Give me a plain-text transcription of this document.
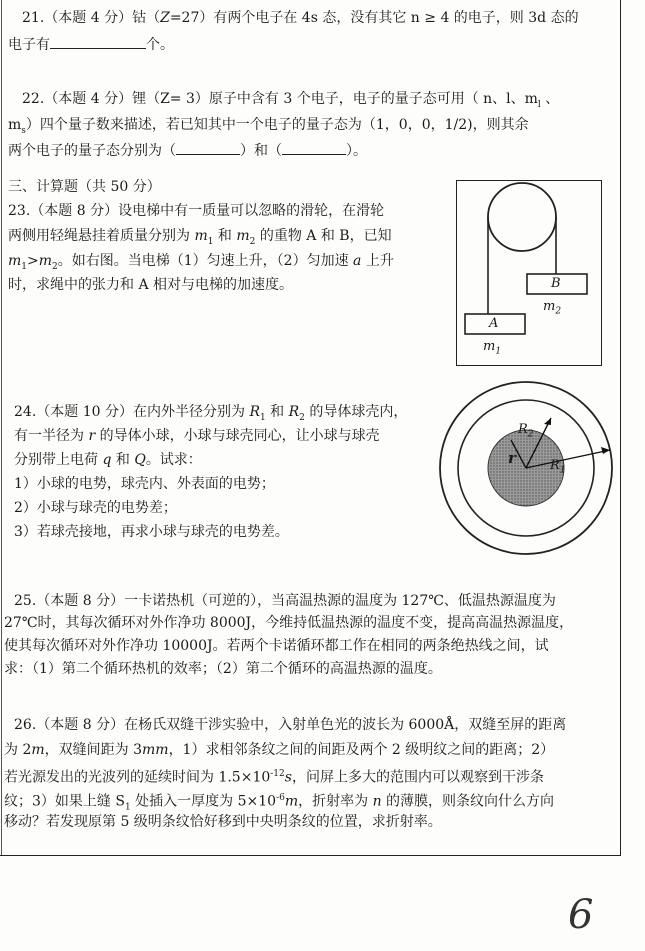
21.（本题 4 分）钴（Z=27）有两个电子在 4s 态，没有其它 n ≥ 4 的电子，则 3d 态的
电子有	个。
22.（本题 4 分）锂（Z= 3）原子中含有 3 个电子，电子的量子态可用（ n、l、$m_l$ 、
$m_s$）四个量子数来描述，若已知其中一个电子的量子态为（1，0，0，1/2)，则其余
两个电子的量子态分别为（	）和（	）。
三、计算题（共 50 分）
23.（本题 8 分）设电梯中有一质量可以忽略的滑轮，在滑轮
两侧用轻绳悬挂着质量分别为 $m_1$ 和 $m_2$ 的重物 A 和 B，已知
$m_1>m_2$。如右图。当电梯（1）匀速上升，（2）匀加速 a 上升
时，求绳中的张力和 A 相对与电梯的加速度。
A
B
$m_1$
$m_2$
24.（本题 10 分）在内外半径分别为 $R_1$ 和 $R_2$ 的导体球壳内，
有一半径为 r 的导体小球，小球与球壳同心，让小球与球壳
分别带上电荷 q 和 Q。试求：
1）小球的电势，球壳内、外表面的电势；
2）小球与球壳的电势差；
3）若球壳接地，再求小球与球壳的电势差。
r
$R_2$
$R_1$
25.（本题 8 分）一卡诺热机（可逆的），当高温热源的温度为 127℃、低温热源温度为
27℃时，其每次循环对外作净功 8000J，今维持低温热源的温度不变，提高高温热源温度，
使其每次循环对外作净功 10000J。若两个卡诺循环都工作在相同的两条绝热线之间，试
求：（1）第二个循环热机的效率；（2）第二个循环的高温热源的温度。
26.（本题 8 分）在杨氏双缝干涉实验中，入射单色光的波长为 6000Å，双缝至屏的距离
为 2m，双缝间距为 3mm，1）求相邻条纹之间的间距及两个 2 级明纹之间的距离；2）
若光源发出的光波列的延续时间为 $1.5\times 10^{-12}s$，问屏上多大的范围内可以观察到干涉条
纹；3）如果上缝 $S_1$ 处插入一厚度为 $5\times 10^{-6}m$，折射率为 n 的薄膜，则条纹向什么方向
移动？若发现原第 5 级明条纹恰好移到中央明条纹的位置，求折射率。
6
